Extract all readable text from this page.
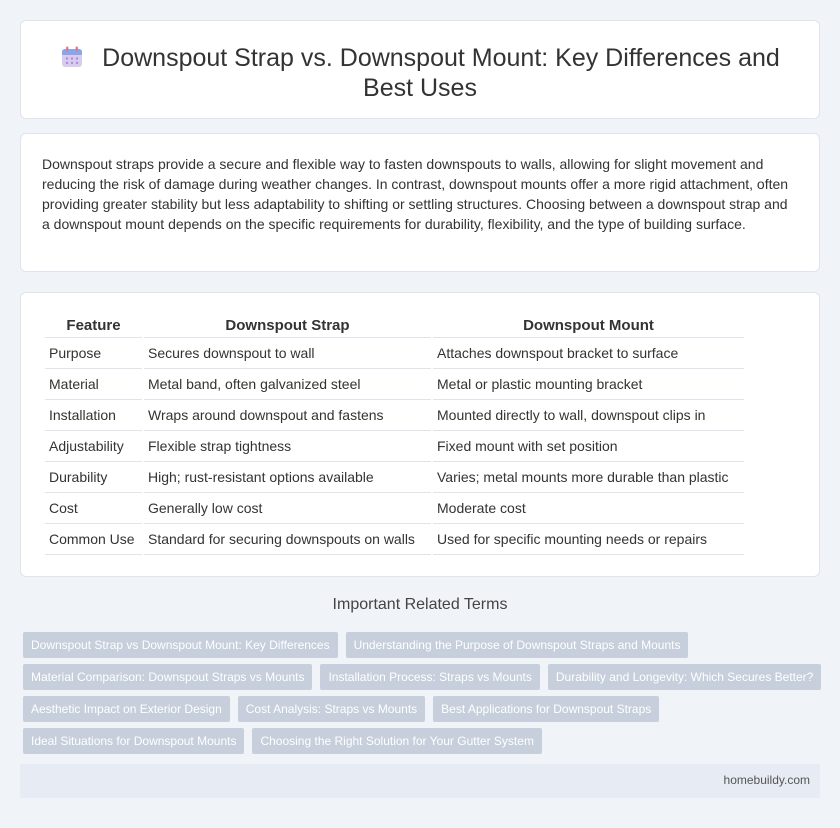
Downspout Strap vs. Downspout Mount: Key Differences and Best Uses

Downspout straps provide a secure and flexible way to fasten downspouts to walls, allowing for slight movement and reducing the risk of damage during weather changes. In contrast, downspout mounts offer a more rigid attachment, often providing greater stability but less adaptability to shifting or settling structures. Choosing between a downspout strap and a downspout mount depends on the specific requirements for durability, flexibility, and the type of building surface.

Feature	Downspout Strap	Downspout Mount
Purpose	Secures downspout to wall	Attaches downspout bracket to surface
Material	Metal band, often galvanized steel	Metal or plastic mounting bracket
Installation	Wraps around downspout and fastens	Mounted directly to wall, downspout clips in
Adjustability	Flexible strap tightness	Fixed mount with set position
Durability	High; rust-resistant options available	Varies; metal mounts more durable than plastic
Cost	Generally low cost	Moderate cost
Common Use	Standard for securing downspouts on walls	Used for specific mounting needs or repairs
Important Related Terms
Downspout Strap vs Downspout Mount: Key Differences	Understanding the Purpose of Downspout Straps and Mounts
Material Comparison: Downspout Straps vs Mounts	Installation Process: Straps vs Mounts	Durability and Longevity: Which Secures Better?
Aesthetic Impact on Exterior Design	Cost Analysis: Straps vs Mounts	Best Applications for Downspout Straps
Ideal Situations for Downspout Mounts	Choosing the Right Solution for Your Gutter System
homebuildy.com
